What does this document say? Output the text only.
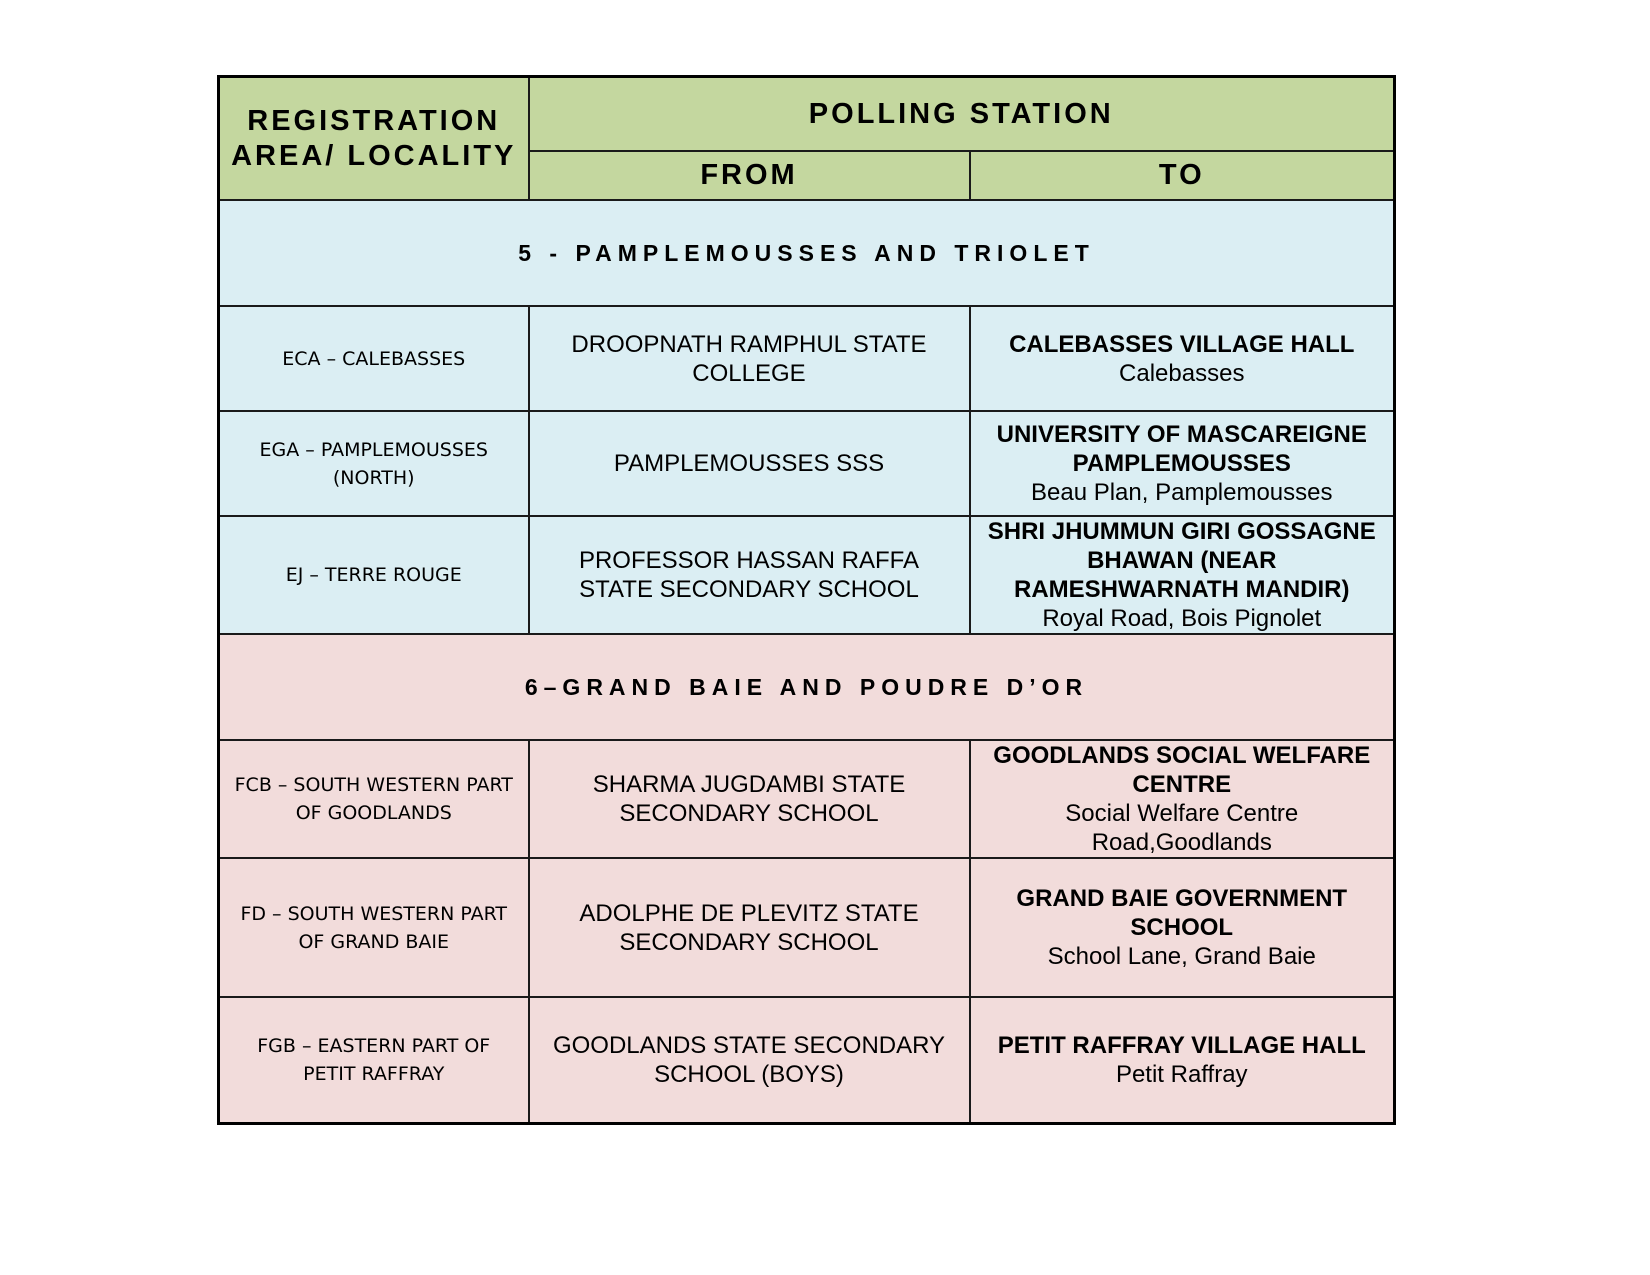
REGISTRATION AREA/ LOCALITY	POLLING STATION	
	FROM	TO
5 - PAMPLEMOUSSES AND TRIOLET		
ECA – CALEBASSES	DROOPNATH RAMPHUL STATE COLLEGE	CALEBASSES VILLAGE HALL
Calebasses

EGA – PAMPLEMOUSSES (NORTH)	PAMPLEMOUSSES SSS	UNIVERSITY OF MASCAREIGNE PAMPLEMOUSSES
Beau Plan, Pamplemousses

EJ – TERRE ROUGE	PROFESSOR HASSAN RAFFA STATE SECONDARY SCHOOL	SHRI JHUMMUN GIRI GOSSAGNE BHAWAN (NEAR RAMESHWARNATH MANDIR)
Royal Road, Bois Pignolet

6–GRAND BAIE AND POUDRE D’OR		
FCB – SOUTH WESTERN PART OF GOODLANDS	SHARMA JUGDAMBI STATE SECONDARY SCHOOL	GOODLANDS SOCIAL WELFARE CENTRE
Social Welfare Centre Road,Goodlands

FD – SOUTH WESTERN PART OF GRAND BAIE	ADOLPHE DE PLEVITZ STATE SECONDARY SCHOOL	GRAND BAIE GOVERNMENT SCHOOL
School Lane, Grand Baie

FGB – EASTERN PART OF PETIT RAFFRAY	GOODLANDS STATE SECONDARY SCHOOL (BOYS)	PETIT RAFFRAY VILLAGE HALL
Petit Raffray
